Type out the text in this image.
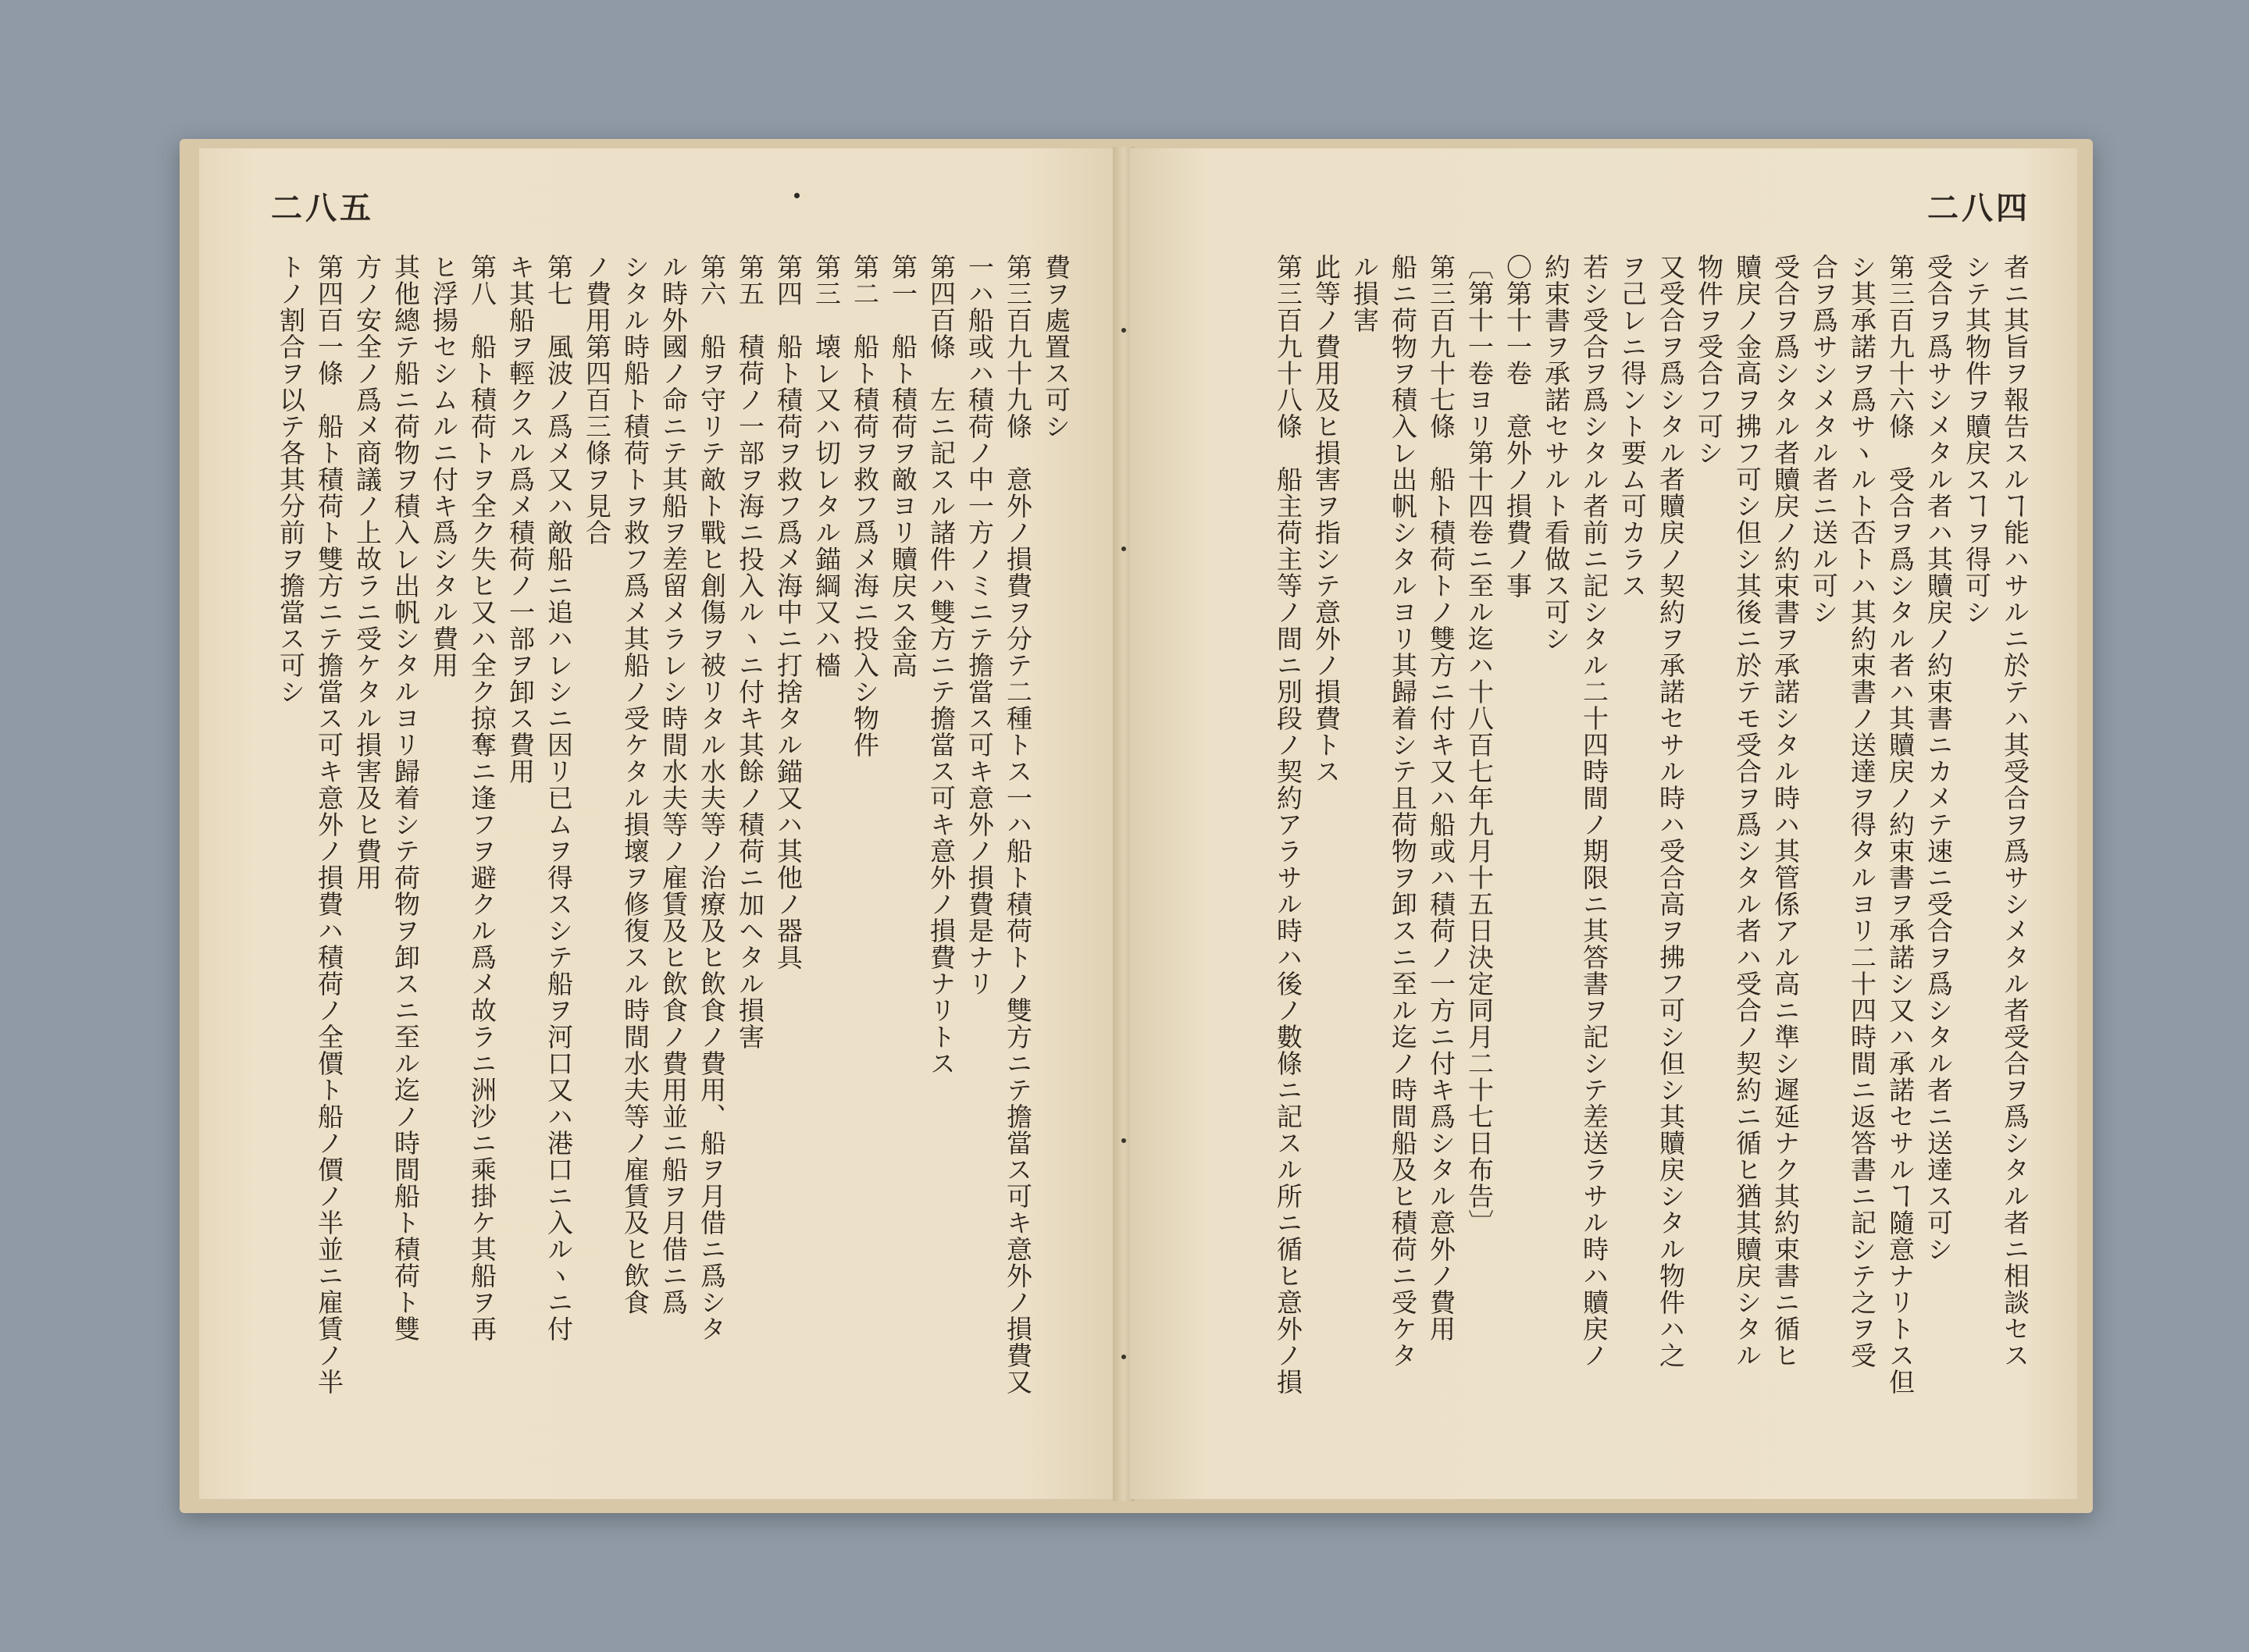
二八五
費ヲ處置ス可シ
第三百九十九條　意外ノ損費ヲ分テ二種トス一ハ船ト積荷トノ雙方ニテ擔當ス可キ意外ノ損費又
一ハ船或ハ積荷ノ中一方ノミニテ擔當ス可キ意外ノ損費是ナリ
第四百條　左ニ記スル諸件ハ雙方ニテ擔當ス可キ意外ノ損費ナリトス
第一　船ト積荷ヲ敵ヨリ贖戻ス金高
第二　船ト積荷ヲ救フ爲メ海ニ投入シ物件
第三　壊レ又ハ切レタル錨綱又ハ檣
第四　船ト積荷ヲ救フ爲メ海中ニ打捨タル錨又ハ其他ノ器具
第五　積荷ノ一部ヲ海ニ投入ルヽニ付キ其餘ノ積荷ニ加ヘタル損害
第六　船ヲ守リテ敵ト戰ヒ創傷ヲ被リタル水夫等ノ治療及ヒ飲食ノ費用、船ヲ月借ニ爲シタ
ル時外國ノ命ニテ其船ヲ差留メラレシ時間水夫等ノ雇賃及ヒ飲食ノ費用並ニ船ヲ月借ニ爲
シタル時船ト積荷トヲ救フ爲メ其船ノ受ケタル損壞ヲ修復スル時間水夫等ノ雇賃及ヒ飲食
ノ費用第四百三條ヲ見合
第七　風波ノ爲メ又ハ敵船ニ追ハレシニ因リ已ムヲ得スシテ船ヲ河口又ハ港口ニ入ルヽニ付
キ其船ヲ輕クスル爲メ積荷ノ一部ヲ卸ス費用
第八　船ト積荷トヲ全ク失ヒ又ハ全ク掠奪ニ逢フヲ避クル爲メ故ラニ洲沙ニ乘掛ケ其船ヲ再
ヒ浮揚セシムルニ付キ爲シタル費用
其他總テ船ニ荷物ヲ積入レ出帆シタルヨリ歸着シテ荷物ヲ卸スニ至ル迄ノ時間船ト積荷ト雙
方ノ安全ノ爲メ商議ノ上故ラニ受ケタル損害及ヒ費用
第四百一條　船ト積荷ト雙方ニテ擔當ス可キ意外ノ損費ハ積荷ノ全價ト船ノ價ノ半並ニ雇賃ノ半
トノ割合ヲ以テ各其分前ヲ擔當ス可シ
二八四
者ニ其旨ヲ報告スルヿ能ハサルニ於テハ其受合ヲ爲サシメタル者受合ヲ爲シタル者ニ相談セス
シテ其物件ヲ贖戻スヿヲ得可シ
受合ヲ爲サシメタル者ハ其贖戻ノ約束書ニカメテ速ニ受合ヲ爲シタル者ニ送達ス可シ
第三百九十六條　受合ヲ爲シタル者ハ其贖戻ノ約束書ヲ承諾シ又ハ承諾セサルヿ隨意ナリトス但
シ其承諾ヲ爲サヽルト否トハ其約束書ノ送達ヲ得タルヨリ二十四時間ニ返答書ニ記シテ之ヲ受
合ヲ爲サシメタル者ニ送ル可シ
受合ヲ爲シタル者贖戻ノ約束書ヲ承諾シタル時ハ其管係アル高ニ準シ遲延ナク其約束書ニ循ヒ
贖戻ノ金高ヲ拂フ可シ但シ其後ニ於テモ受合ヲ爲シタル者ハ受合ノ契約ニ循ヒ猶其贖戻シタル
物件ヲ受合フ可シ
又受合ヲ爲シタル者贖戻ノ契約ヲ承諾セサル時ハ受合高ヲ拂フ可シ但シ其贖戻シタル物件ハ之
ヲ己レニ得ント要ム可カラス
若シ受合ヲ爲シタル者前ニ記シタル二十四時間ノ期限ニ其答書ヲ記シテ差送ラサル時ハ贖戻ノ
約束書ヲ承諾セサルト看做ス可シ
〇第十一卷　意外ノ損費ノ事
〔第十一卷ヨリ第十四卷ニ至ル迄ハ十八百七年九月十五日決定同月二十七日布告〕
第三百九十七條　船ト積荷トノ雙方ニ付キ又ハ船或ハ積荷ノ一方ニ付キ爲シタル意外ノ費用
船ニ荷物ヲ積入レ出帆シタルヨリ其歸着シテ且荷物ヲ卸スニ至ル迄ノ時間船及ヒ積荷ニ受ケタ
ル損害
此等ノ費用及ヒ損害ヲ指シテ意外ノ損費トス
第三百九十八條　船主荷主等ノ間ニ別段ノ契約アラサル時ハ後ノ數條ニ記スル所ニ循ヒ意外ノ損
